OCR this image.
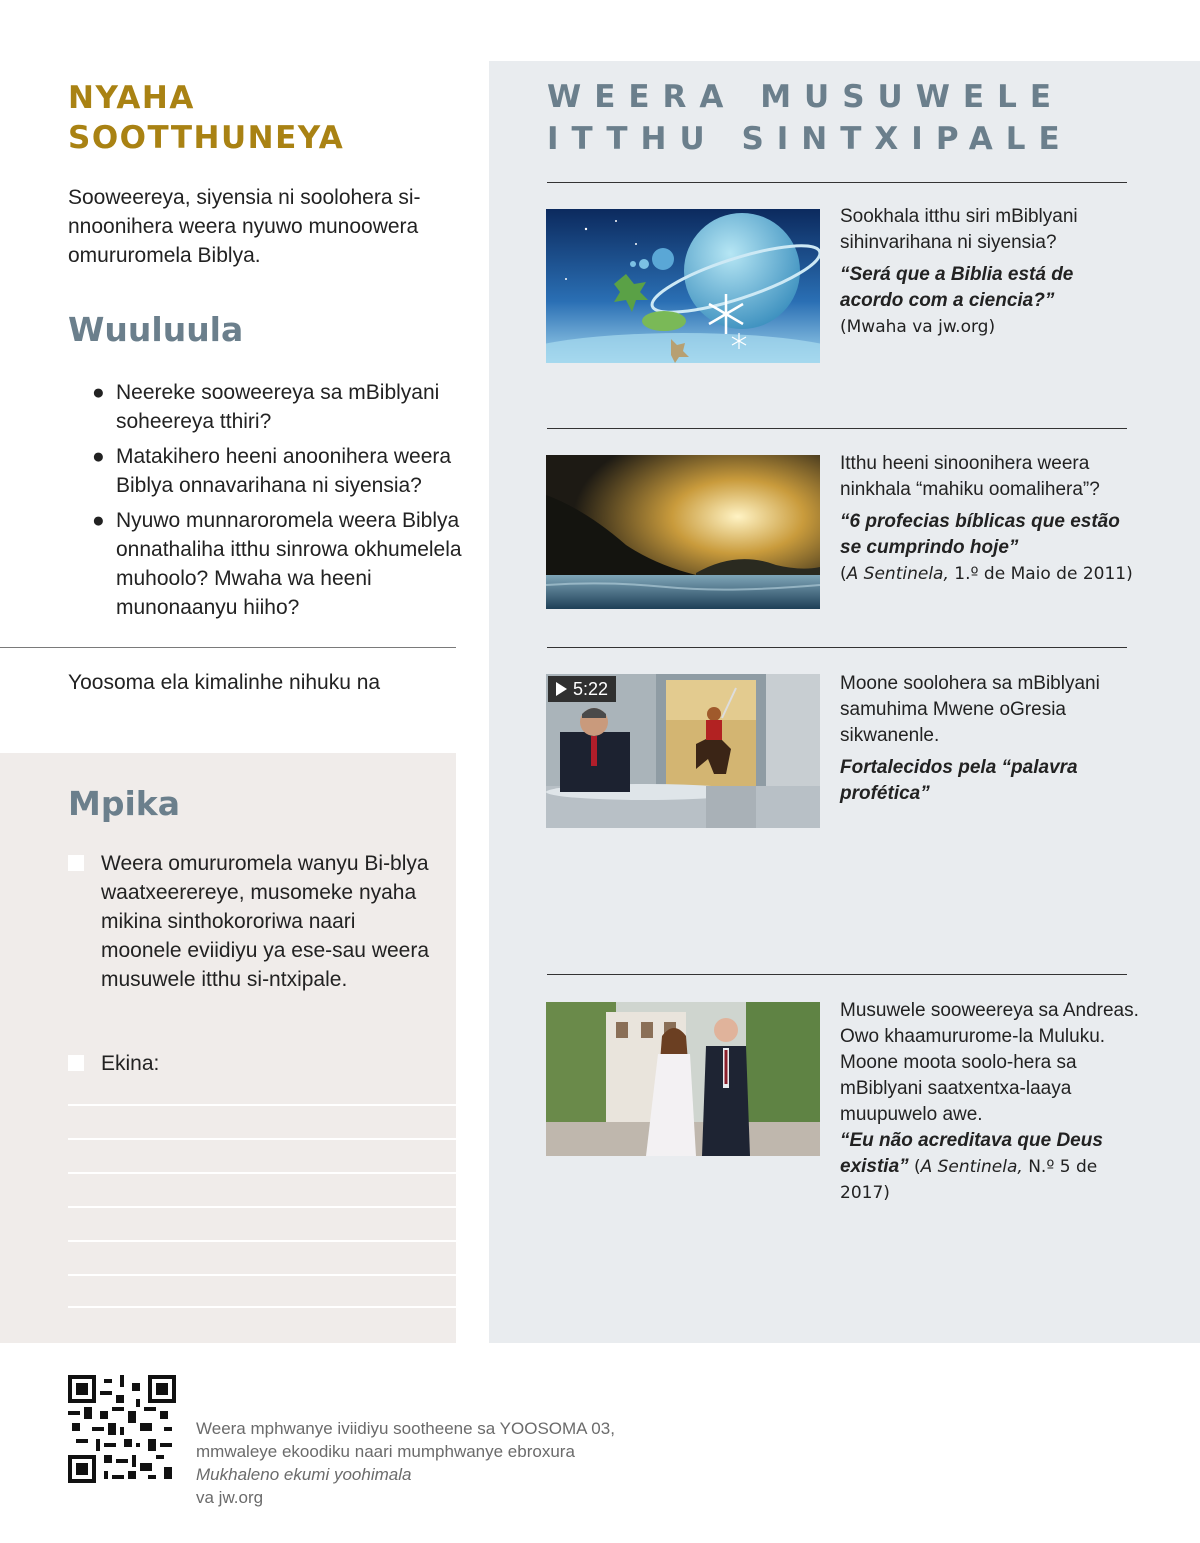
NYAHA SOOTTHUNEYA

Sooweereya, siyensia ni soolohera si-nnoonihera weera nyuwo munoowera omururomela Biblya.

Wuuluula
● Neereke sooweereya sa mBiblyani soheereya tthiri?
● Matakihero heeni anoonihera weera Biblya onnavarihana ni siyensia?
● Nyuwo munnaroromela weera Biblya onnathaliha itthu sinrowa okhumelela muhoolo? Mwaha wa heeni munonaanyu hiiho?

Yoosoma ela kimalinhe nihuku na

Mpika
Weera omururomela wanyu Bi-blya waatxeerereye, musomeke nyaha mikina sinthokororiwa naari moonele eviidiyu ya ese-sau weera musuwele itthu si-ntxipale.
Ekina:
WEERA MUSUWELE ITTHU SINTXIPALE

Sookhala itthu siri mBiblyani sihinvarihana ni siyensia?

“Será que a Biblia está de acordo com a ciencia?”

(Mwaha va jw.org)

Itthu heeni sinoonihera weera ninkhala “mahiku oomalihera”?

“6 profecias bíblicas que estão se cumprindo hoje”

(A Sentinela, 1.º de Maio de 2011)

5:22	Moone soolohera sa mBiblyani samuhima Mwene oGresia sikwanenle.

Fortalecidos pela “palavra profética”

Musuwele sooweereya sa Andreas. Owo khaamururome-la Muluku. Moone moota soolo-hera sa mBiblyani saatxentxa-laaya muupuwelo awe.

“Eu não acreditava que Deus existia”

(A Sentinela, N.º 5 de 2017)

Weera mphwanye iviidiyu sootheene sa YOOSOMA 03,
mmwaleye ekoodiku naari mumphwanye ebroxura
Mukhaleno ekumi yoohimala
va jw.org
